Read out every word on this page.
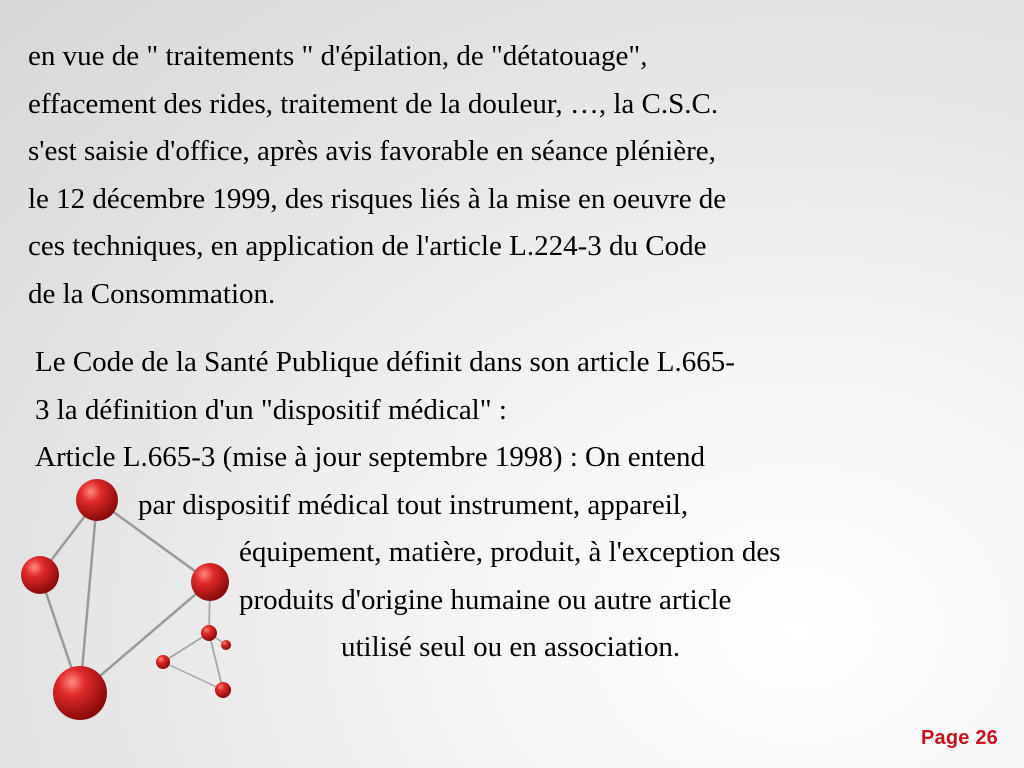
en vue de " traitements " d'épilation, de "détatouage",
effacement des rides, traitement de la douleur, …, la C.S.C.
s'est saisie d'office, après avis favorable en séance plénière,
le 12 décembre 1999, des risques liés à la mise en oeuvre de
ces techniques, en application de l'article L.224-3 du Code
de la Consommation.

Le Code de la Santé Publique définit dans son article L.665-
3 la définition d'un "dispositif médical" :
Article L.665-3 (mise à jour septembre 1998) : On entend
par dispositif médical tout instrument, appareil,
équipement, matière, produit, à l'exception des
produits d'origine humaine ou autre article
utilisé seul ou en association.

Page 26
